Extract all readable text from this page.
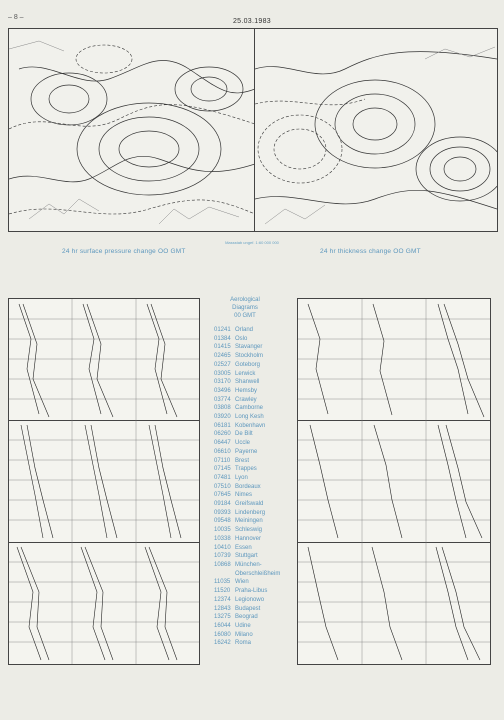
– 8 –
25.03.1983
Massstab ungef. 1:60 000 000
24 hr surface pressure change OO GMT	24 hr thickness change OO GMT
Aerological
Diagrams
00 GMT
01241 Orland
01384 Oslo
01415 Stavanger
02465 Stockholm
02527 Goteborg
03005 Lerwick
03170 Shanwell
03496 Hemsby
03774 Crawley
03808 Camborne
03920 Long Kesh
06181 Kobenhavn
06260 De Bilt
06447 Uccle
06610 Payerne
07110 Brest
07145 Trappes
07481 Lyon
07510 Bordeaux
07645 Nimes
09184 Greifswald
09393 Lindenberg
09548 Meiningen
10035 Schleswig
10338 Hannover
10410 Essen
10739 Stuttgart
10868 München-
Oberschleißheim
11035 Wien
11520 Praha-Libus
12374 Legionowo
12843 Budapest
13275 Beograd
16044 Udine
16080 Milano
16242 Roma
